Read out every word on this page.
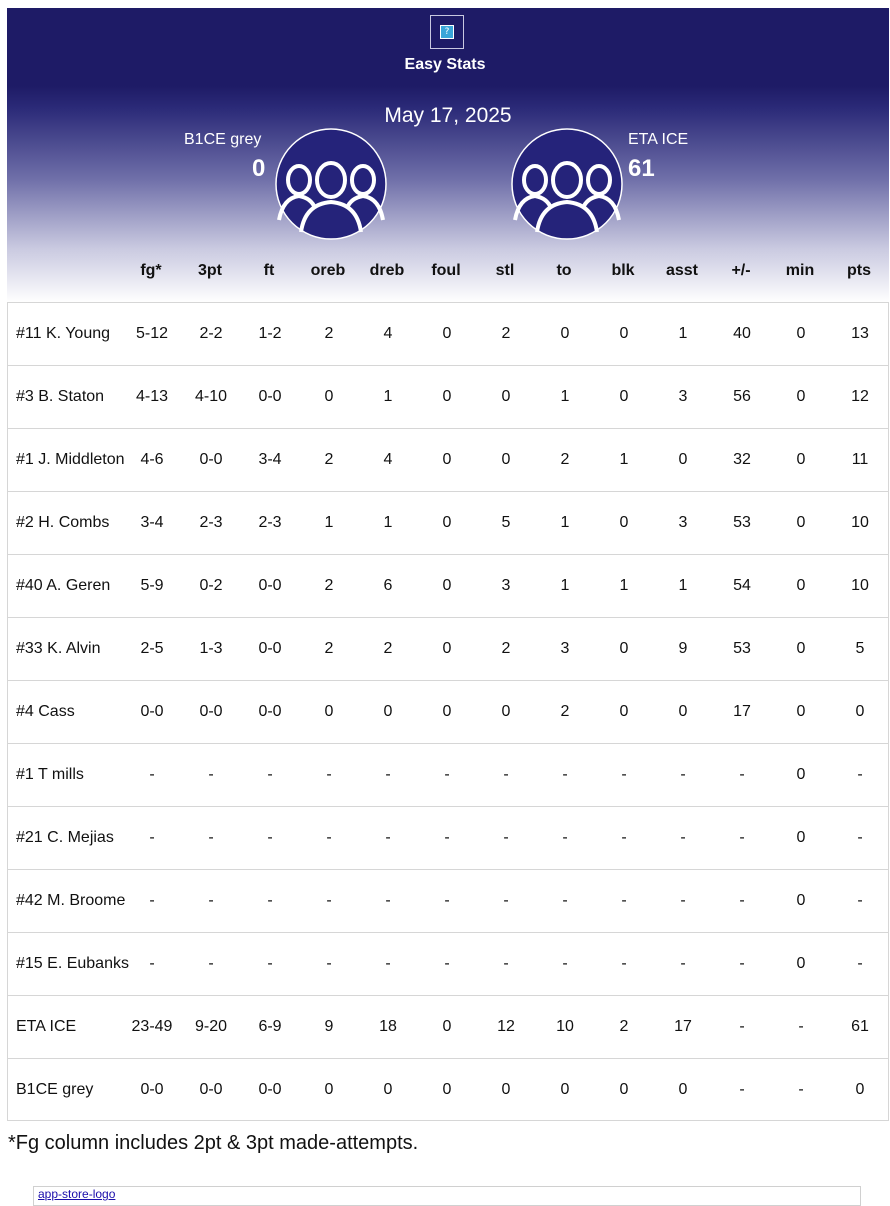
?
Easy Stats
May 17, 2025
B1CE grey
0
ETA ICE
61
fg*	3pt	ft	oreb	dreb	foul	stl	to	blk	asst	+/-	min	pts
#11 K. Young	5-12	2-2	1-2	2	4	0	2	0	0	1	40	0	13
#3 B. Staton	4-13	4-10	0-0	0	1	0	0	1	0	3	56	0	12
#1 J. Middleton 4-6	0-0	3-4	2	4	0	0	2	1	0	32	0	11
#2 H. Combs	3-4	2-3	2-3	1	1	0	5	1	0	3	53	0	10
#40 A. Geren	5-9	0-2	0-0	2	6	0	3	1	1	1	54	0	10
#33 K. Alvin	2-5	1-3	0-0	2	2	0	2	3	0	9	53	0	5
#4 Cass	0-0	0-0	0-0	0	0	0	0	2	0	0	17	0	0
#1 T mills	-	-	-	-	-	-	-	-	-	-	-	0	-
#21 C. Mejias	-	-	-	-	-	-	-	-	-	-	-	0	-
#42 M. Broome	-	-	-	-	-	-	-	-	-	-	-	0	-
#15 E. Eubanks	-	-	-	-	-	-	-	-	-	-	-	0	-
ETA ICE	23-49	9-20	6-9	9	18	0	12	10	2	17	-	-	61
B1CE grey	0-0	0-0	0-0	0	0	0	0	0	0	0	-	-	0
*Fg column includes 2pt & 3pt made-attempts.
app-store-logo
